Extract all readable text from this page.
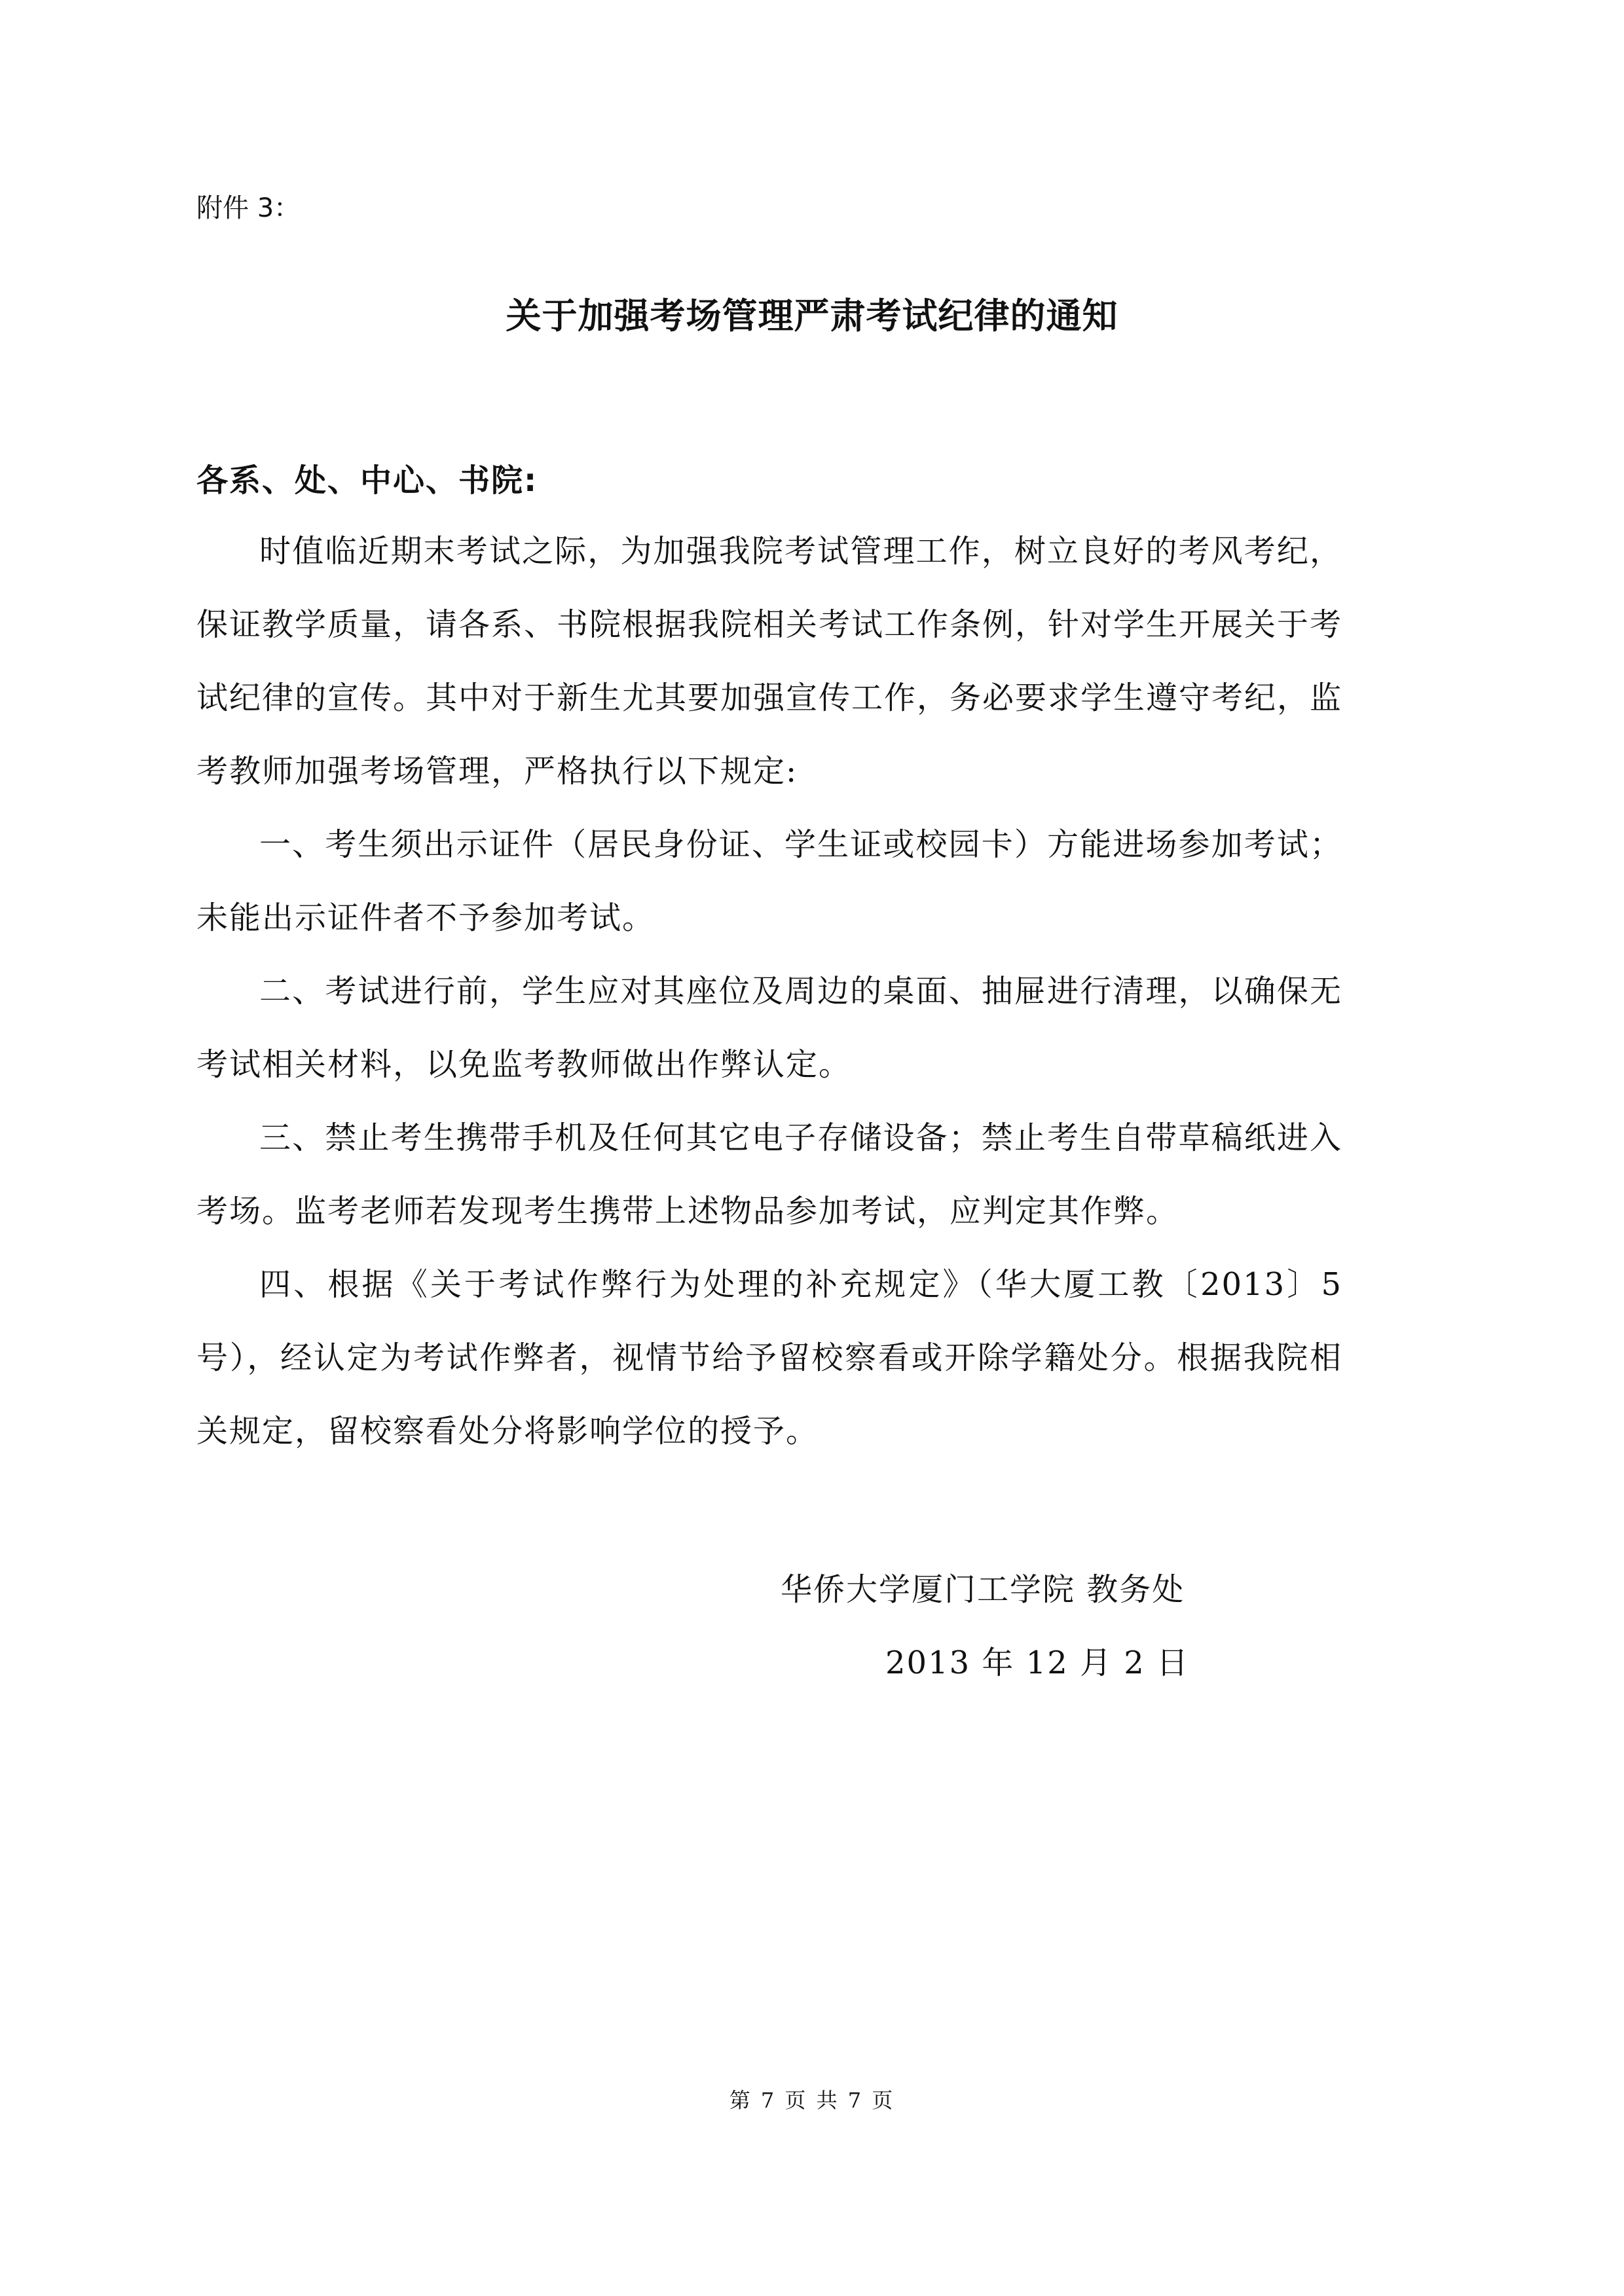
附件 3：
关于加强考场管理严肃考试纪律的通知
各系、处、中心、书院:

时值临近期末考试之际，为加强我院考试管理工作，树立良好的考风考纪，保证教学质量，请各系、书院根据我院相关考试工作条例，针对学生开展关于考试纪律的宣传。其中对于新生尤其要加强宣传工作，务必要求学生遵守考纪，监考教师加强考场管理，严格执行以下规定:

一、考生须出示证件（居民身份证、学生证或校园卡）方能进场参加考试；未能出示证件者不予参加考试。

二、考试进行前，学生应对其座位及周边的桌面、抽屉进行清理，以确保无考试相关材料，以免监考教师做出作弊认定。

三、禁止考生携带手机及任何其它电子存储设备；禁止考生自带草稿纸进入考场。监考老师若发现考生携带上述物品参加考试，应判定其作弊。

四、根据《关于考试作弊行为处理的补充规定》（华大厦工教〔2013〕5 号），经认定为考试作弊者，视情节给予留校察看或开除学籍处分。根据我院相关规定，留校察看处分将影响学位的授予。

华侨大学厦门工学院 教务处
2013 年 12 月 2 日
第 7 页 共 7 页
